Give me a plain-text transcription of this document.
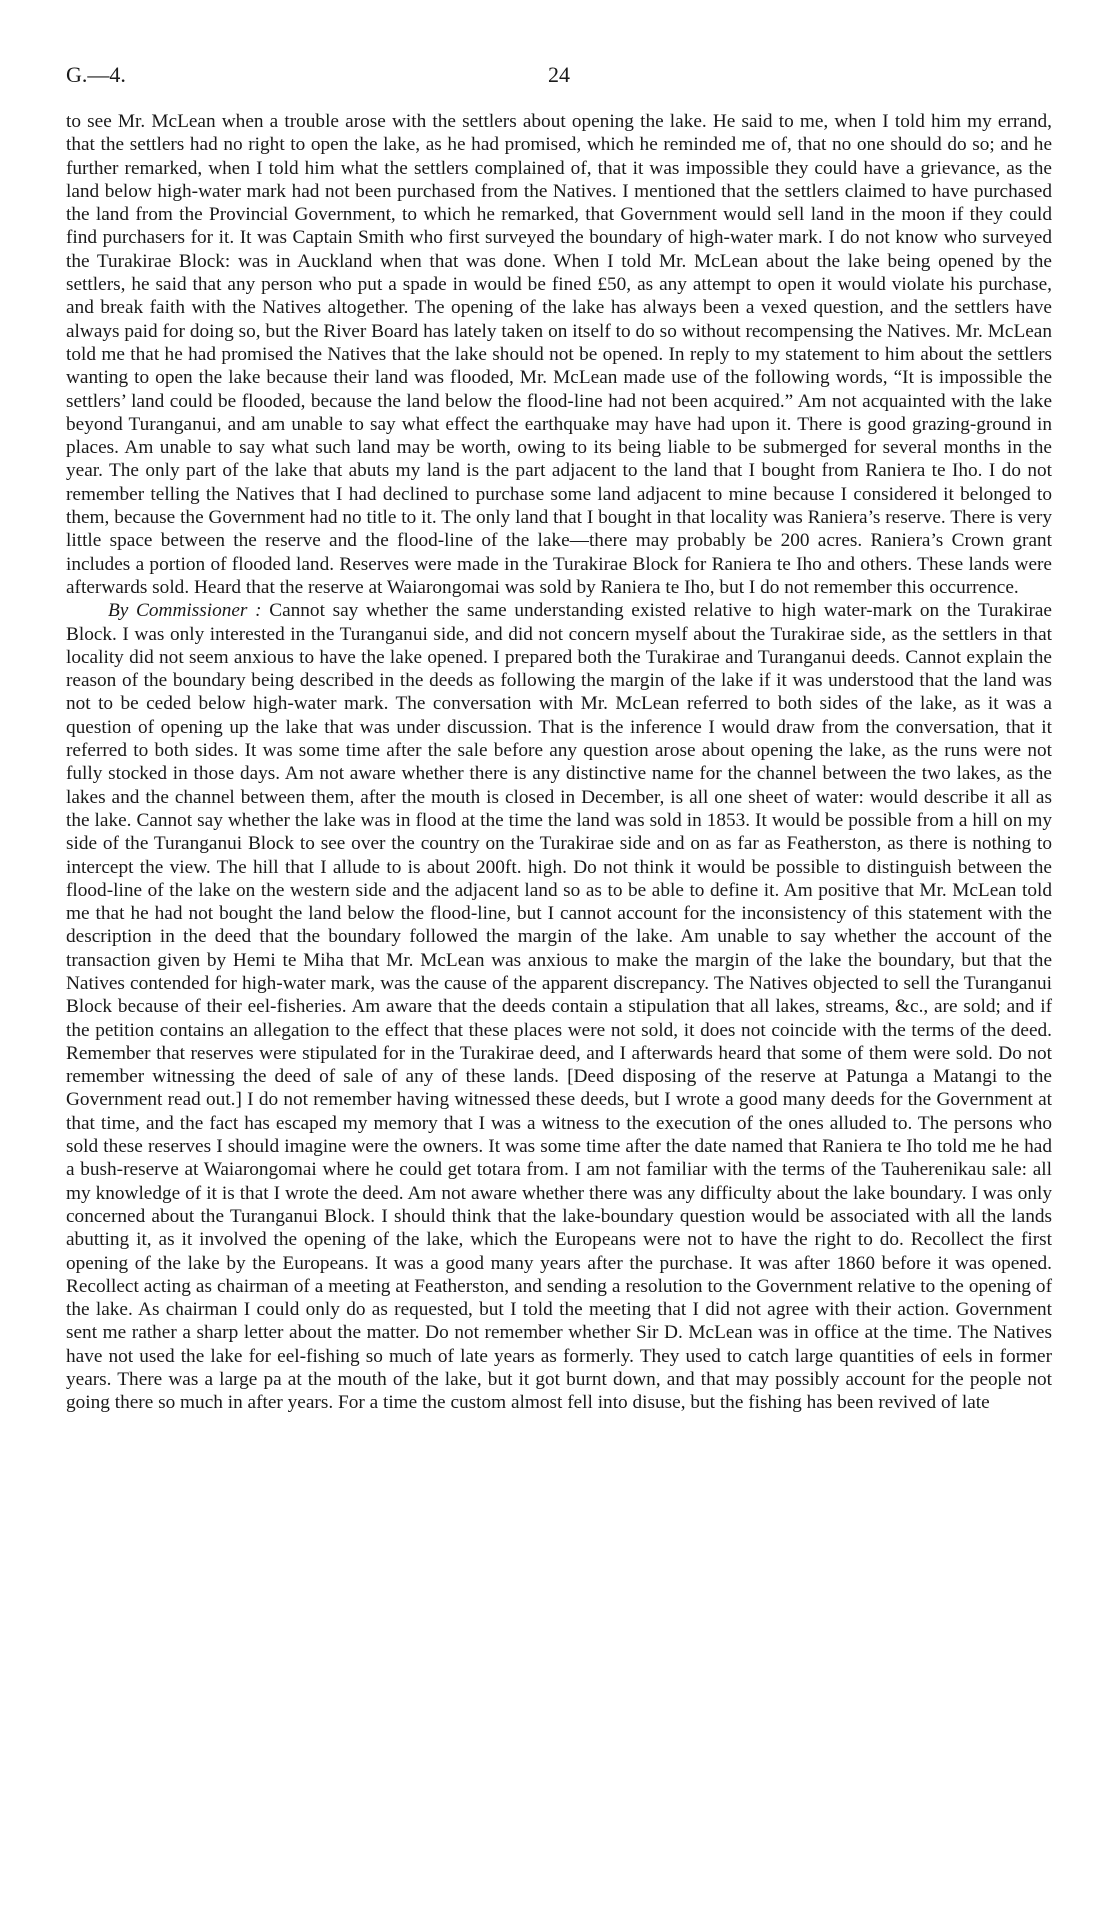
G.—4.	24

to see Mr. McLean when a trouble arose with the settlers about opening the lake. He said to me, when I told him my errand, that the settlers had no right to open the lake, as he had promised, which he reminded me of, that no one should do so; and he further remarked, when I told him what the settlers complained of, that it was impossible they could have a grievance, as the land below high-water mark had not been purchased from the Natives. I mentioned that the settlers claimed to have purchased the land from the Provincial Government, to which he remarked, that Government would sell land in the moon if they could find purchasers for it. It was Captain Smith who first surveyed the boundary of high-water mark. I do not know who surveyed the Turakirae Block: was in Auckland when that was done. When I told Mr. McLean about the lake being opened by the settlers, he said that any person who put a spade in would be fined £50, as any attempt to open it would violate his purchase, and break faith with the Natives altogether. The opening of the lake has always been a vexed question, and the settlers have always paid for doing so, but the River Board has lately taken on itself to do so without recompensing the Natives. Mr. McLean told me that he had promised the Natives that the lake should not be opened. In reply to my statement to him about the settlers wanting to open the lake because their land was flooded, Mr. McLean made use of the following words, “It is impossible the settlers’ land could be flooded, because the land below the flood-line had not been acquired.” Am not acquainted with the lake beyond Turanganui, and am unable to say what effect the earthquake may have had upon it. There is good grazing-ground in places. Am unable to say what such land may be worth, owing to its being liable to be submerged for several months in the year. The only part of the lake that abuts my land is the part adjacent to the land that I bought from Raniera te Iho. I do not remember telling the Natives that I had declined to purchase some land adjacent to mine because I considered it belonged to them, because the Government had no title to it. The only land that I bought in that locality was Raniera’s reserve. There is very little space between the reserve and the flood-line of the lake—there may probably be 200 acres. Raniera’s Crown grant includes a portion of flooded land. Reserves were made in the Turakirae Block for Raniera te Iho and others. These lands were afterwards sold. Heard that the reserve at Waiarongomai was sold by Raniera te Iho, but I do not remember this occurrence.

By Commissioner : Cannot say whether the same understanding existed relative to high water-mark on the Turakirae Block. I was only interested in the Turanganui side, and did not concern myself about the Turakirae side, as the settlers in that locality did not seem anxious to have the lake opened. I prepared both the Turakirae and Turanganui deeds. Cannot explain the reason of the boundary being described in the deeds as following the margin of the lake if it was understood that the land was not to be ceded below high-water mark. The conversation with Mr. McLean referred to both sides of the lake, as it was a question of opening up the lake that was under discussion. That is the inference I would draw from the conversation, that it referred to both sides. It was some time after the sale before any question arose about opening the lake, as the runs were not fully stocked in those days. Am not aware whether there is any distinctive name for the channel between the two lakes, as the lakes and the channel between them, after the mouth is closed in December, is all one sheet of water: would describe it all as the lake. Cannot say whether the lake was in flood at the time the land was sold in 1853. It would be possible from a hill on my side of the Turanganui Block to see over the country on the Turakirae side and on as far as Featherston, as there is nothing to intercept the view. The hill that I allude to is about 200ft. high. Do not think it would be possible to distinguish between the flood-line of the lake on the western side and the adjacent land so as to be able to define it. Am positive that Mr. McLean told me that he had not bought the land below the flood-line, but I cannot account for the inconsistency of this statement with the description in the deed that the boundary followed the margin of the lake. Am unable to say whether the account of the transaction given by Hemi te Miha that Mr. McLean was anxious to make the margin of the lake the boundary, but that the Natives contended for high-water mark, was the cause of the apparent discrepancy. The Natives objected to sell the Turanganui Block because of their eel-fisheries. Am aware that the deeds contain a stipulation that all lakes, streams, &c., are sold; and if the petition contains an allegation to the effect that these places were not sold, it does not coincide with the terms of the deed. Remember that reserves were stipulated for in the Turakirae deed, and I afterwards heard that some of them were sold. Do not remember witnessing the deed of sale of any of these lands. [Deed disposing of the reserve at Patunga a Matangi to the Government read out.] I do not remember having witnessed these deeds, but I wrote a good many deeds for the Government at that time, and the fact has escaped my memory that I was a witness to the execution of the ones alluded to. The persons who sold these reserves I should imagine were the owners. It was some time after the date named that Raniera te Iho told me he had a bush-reserve at Waiarongomai where he could get totara from. I am not familiar with the terms of the Tauherenikau sale: all my knowledge of it is that I wrote the deed. Am not aware whether there was any difficulty about the lake boundary. I was only concerned about the Turanganui Block. I should think that the lake-boundary question would be associated with all the lands abutting it, as it involved the opening of the lake, which the Europeans were not to have the right to do. Recollect the first opening of the lake by the Europeans. It was a good many years after the purchase. It was after 1860 before it was opened. Recollect acting as chairman of a meeting at Featherston, and sending a resolution to the Government relative to the opening of the lake. As chairman I could only do as requested, but I told the meeting that I did not agree with their action. Government sent me rather a sharp letter about the matter. Do not remember whether Sir D. McLean was in office at the time. The Natives have not used the lake for eel-fishing so much of late years as formerly. They used to catch large quantities of eels in former years. There was a large pa at the mouth of the lake, but it got burnt down, and that may possibly account for the people not going there so much in after years. For a time the custom almost fell into disuse, but the fishing has been revived of late
